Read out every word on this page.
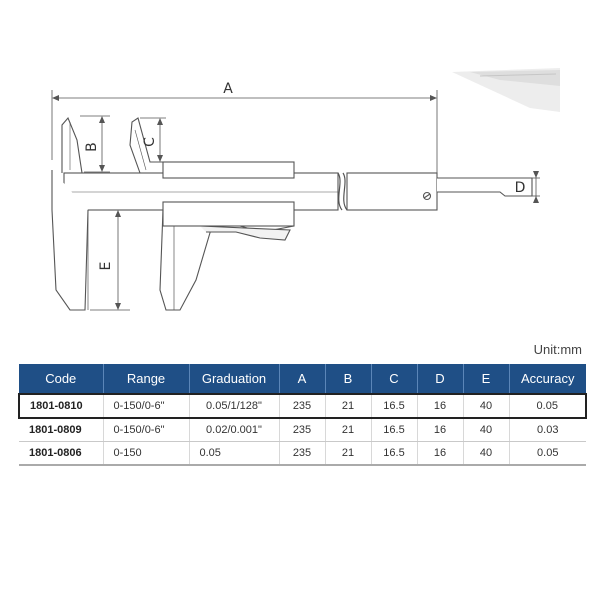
A
B
C
D
E
Unit:mm
Code	Range	Graduation	A	B	C	D	E	Accuracy
1801-0810	0-150/0-6"	0.05/1/128"	235	21	16.5	16	40	0.05
1801-0809	0-150/0-6"	0.02/0.001"	235	21	16.5	16	40	0.03
1801-0806	0-150	0.05	235	21	16.5	16	40	0.05
